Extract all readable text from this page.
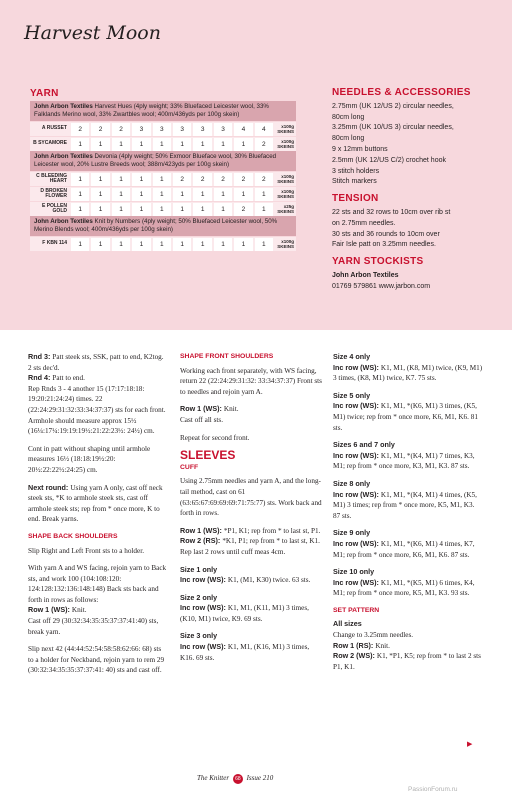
Harvest Moon
YARN
John Arbon Textiles Harvest Hues (4ply weight; 33% Bluefaced Leicester wool, 33% Falklands Merino wool, 33% Zwartbles wool; 400m/436yds per 100g skein)
A RUSSET	2	2	2	3	3	3	3	3	4	4	x100g SKEINS
B SYCAMORE	1	1	1	1	1	1	1	1	1	2	x100g SKEINS
John Arbon Textiles Devonia (4ply weight; 50% Exmoor Blueface wool, 30% Bluefaced Leicester wool, 20% Lustre Breeds wool; 388m/423yds per 100g skein)
C BLEEDING HEART	1	1	1	1	1	2	2	2	2	2	x100g SKEINS
D BROKEN FLOWER	1	1	1	1	1	1	1	1	1	1	x100g SKEINS
E POLLEN GOLD	1	1	1	1	1	1	1	1	2	1	x25g SKEINS
John Arbon Textiles Knit by Numbers (4ply weight; 50% Bluefaced Leicester wool, 50% Merino Blends wool; 400m/436yds per 100g skein)
F KBN 114	1	1	1	1	1	1	1	1	1	1	x100g SKEINS
NEEDLES & ACCESSORIES
2.75mm (UK 12/US 2) circular needles,
80cm long
3.25mm (UK 10/US 3) circular needles,
80cm long
9 x 12mm buttons
2.5mm (UK 12/US C/2) crochet hook
3 stitch holders
Stitch markers
TENSION
22 sts and 32 rows to 10cm over rib st
on 2.75mm needles.
30 sts and 36 rounds to 10cm over
Fair Isle patt on 3.25mm needles.
YARN STOCKISTS
John Arbon Textiles
01769 579861 www.jarbon.com

Rnd 3: Patt steek sts, SSK, patt to end, K2tog. 2 sts dec'd.
Rnd 4: Patt to end.
Rep Rnds 3 - 4 another 15 (17:17:18:18: 19:20:21:24:24) times. 22 (22:24:29:31:32:33:34:37:37) sts for each front. Armhole should measure approx 15½ (16¼:17¼:19:19:19½:21:22:23½: 24½) cm.

Cont in patt without shaping until armhole measures 16½ (18:18:19½:20: 20½:22:22½:24:25) cm.

Next round: Using yarn A only, cast off neck steek sts, *K to armhole steek sts, cast off armhole steek sts; rep from * once more, K to end. Break yarns.

SHAPE BACK SHOULDERS

Slip Right and Left Front sts to a holder.

With yarn A and WS facing, rejoin yarn to Back sts, and work 100 (104:108:120: 124:128:132:136:148:148) Back sts back and forth in rows as follows:
Row 1 (WS): Knit.
Cast off 29 (30:32:34:35:35:37:37:41:40) sts, break yarn.

Slip next 42 (44:44:52:54:58:58:62:66: 68) sts to a holder for Neckband, rejoin yarn to rem 29 (30:32:34:35:35:37:37:41: 40) sts and cast off.

SHAPE FRONT SHOULDERS

Working each front separately, with WS facing, return 22 (22:24:29:31:32: 33:34:37:37) Front sts to needles and rejoin yarn A.

Row 1 (WS): Knit.
Cast off all sts.

Repeat for second front.

SLEEVES
CUFF

Using 2.75mm needles and yarn A, and the long-tail method, cast on 61 (63:65:67:69:69:69:71:75:77) sts. Work back and forth in rows.

Row 1 (WS): *P1, K1; rep from * to last st, P1.
Row 2 (RS): *K1, P1; rep from * to last st, K1.
Rep last 2 rows until cuff meas 4cm.

Size 1 only

Inc row (WS): K1, (M1, K30) twice. 63 sts.

Size 2 only

Inc row (WS): K1, M1, (K11, M1) 3 times, (K10, M1) twice, K9. 69 sts.

Size 3 only

Inc row (WS): K1, M1, (K16, M1) 3 times, K16. 69 sts.

Size 4 only

Inc row (WS): K1, M1, (K8, M1) twice, (K9, M1) 3 times, (K8, M1) twice, K7. 75 sts.

Size 5 only

Inc row (WS): K1, M1, *(K6, M1) 3 times, (K5, M1) twice; rep from * once more, K6, M1, K6. 81 sts.

Sizes 6 and 7 only

Inc row (WS): K1, M1, *(K4, M1) 7 times, K3, M1; rep from * once more, K3, M1, K3. 87 sts.

Size 8 only

Inc row (WS): K1, M1, *(K4, M1) 4 times, (K5, M1) 3 times; rep from * once more, K5, M1, K3. 87 sts.

Size 9 only

Inc row (WS): K1, M1, *(K6, M1) 4 times, K7, M1; rep from * once more, K6, M1, K6. 87 sts.

Size 10 only

Inc row (WS): K1, M1, *(K5, M1) 6 times, K4, M1; rep from * once more, K5, M1, K3. 93 sts.

SET PATTERN

All sizes
Change to 3.25mm needles.
Row 1 (RS): Knit.
Row 2 (WS): K1, *P1, K5; rep from * to last 2 sts P1, K1.

▶
The Knitter 68 Issue 210
PassionForum.ru
